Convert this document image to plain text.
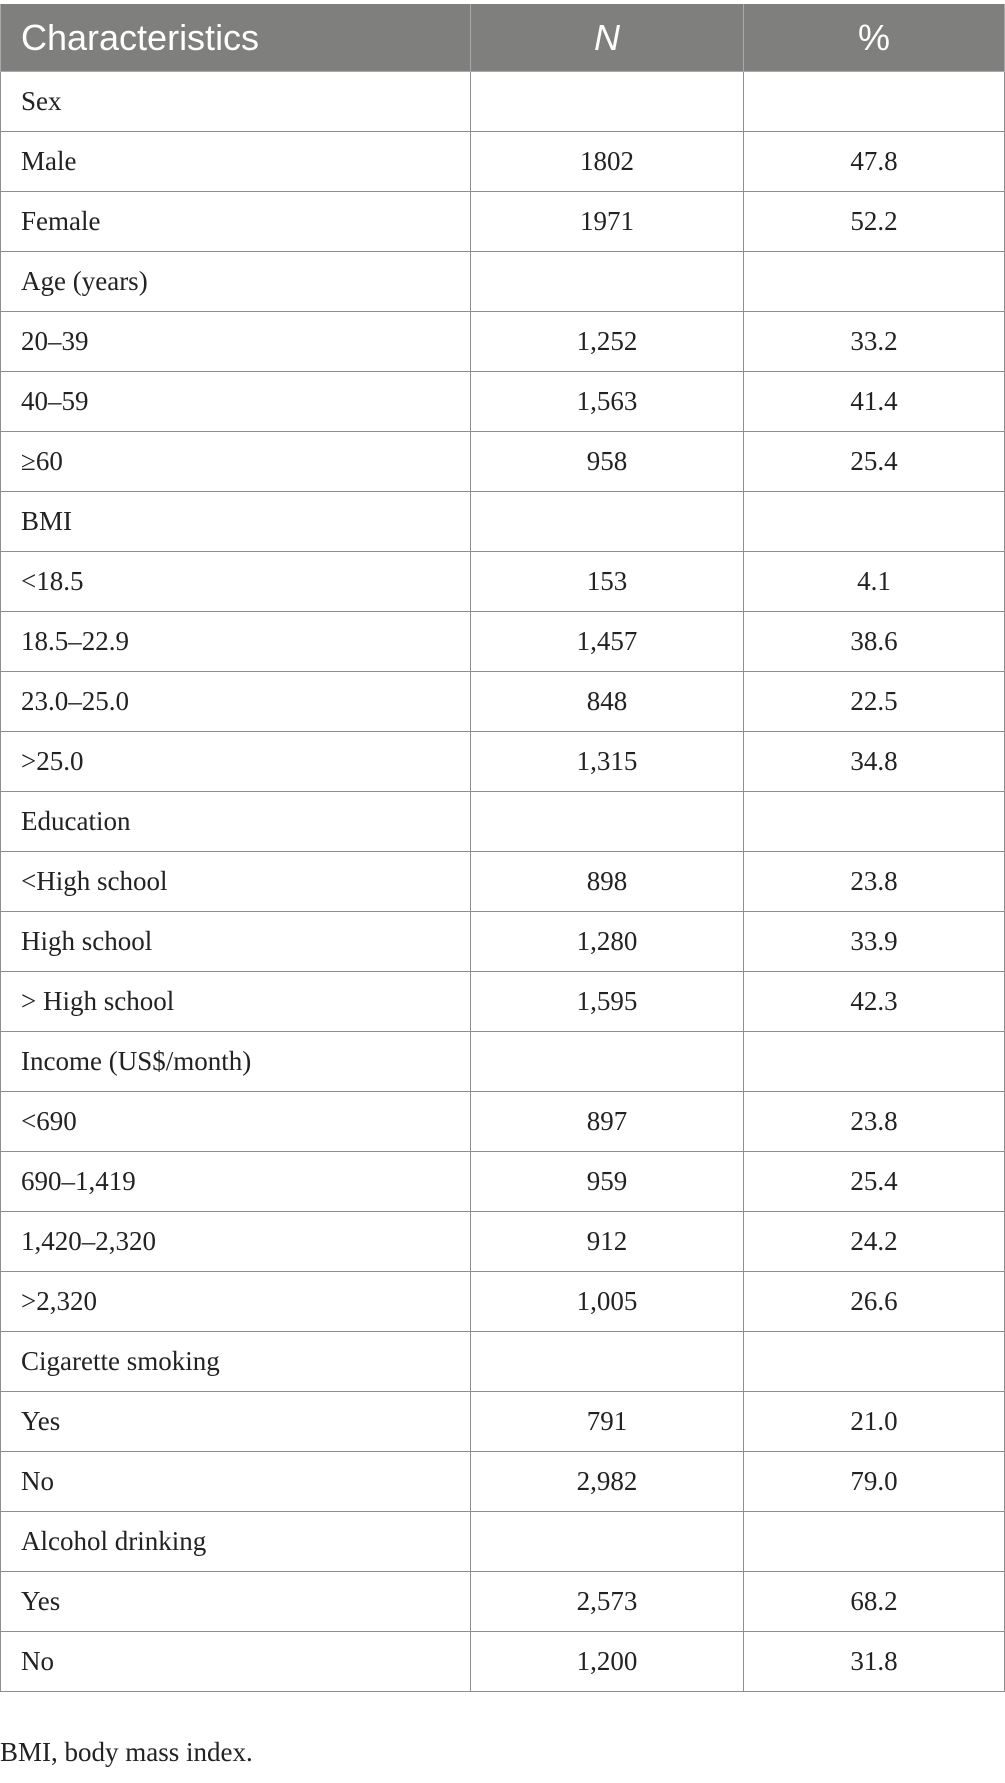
Characteristics	N	%
Sex		
Male	1802	47.8
Female	1971	52.2
Age (years)		
20–39	1,252	33.2
40–59	1,563	41.4
≥60	958	25.4
BMI		
<18.5	153	4.1
18.5–22.9	1,457	38.6
23.0–25.0	848	22.5
>25.0	1,315	34.8
Education		
<High school	898	23.8
High school	1,280	33.9
> High school	1,595	42.3
Income (US$/month)		
<690	897	23.8
690–1,419	959	25.4
1,420–2,320	912	24.2
>2,320	1,005	26.6
Cigarette smoking		
Yes	791	21.0
No	2,982	79.0
Alcohol drinking		
Yes	2,573	68.2
No	1,200	31.8
BMI, body mass index.
